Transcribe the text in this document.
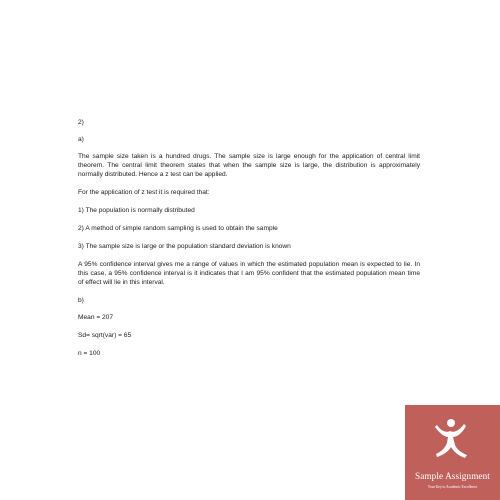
2)

a)

The sample size taken is a hundred drugs. The sample size is large enough for the application of central limit theorem. The central limit theorem states that when the sample size is large, the distribution is approximately normally distributed. Hence a z test can be applied.

For the application of z test it is required that:

1) The population is normally distributed

2) A method of simple random sampling is used to obtain the sample

3) The sample size is large or the population standard deviation is known

A 95% confidence interval gives me a range of values in which the estimated population mean is expected to lie. In this case, a 95% confidence interval is it indicates that I am 95% confident that the estimated population mean time of effect will lie in this interval.

b)

Mean = 207

Sd= sqrt(var) = 65

n = 100

Sample Assignment
Your Key to Academic Excellence
